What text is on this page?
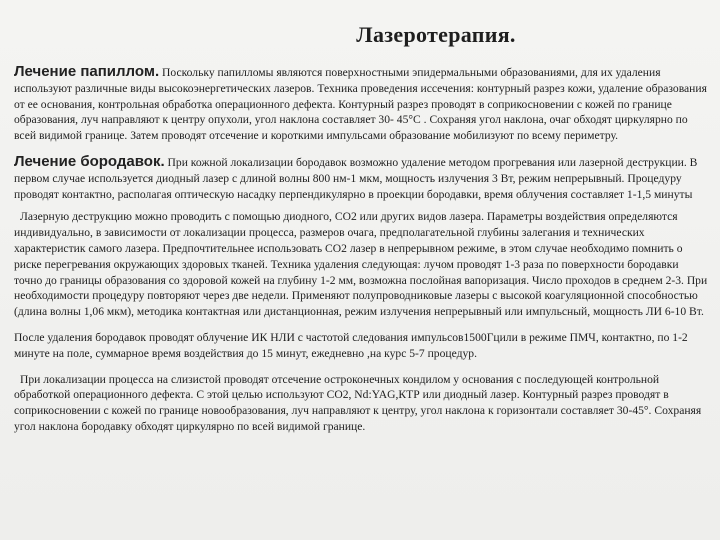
Лазеротерапия.

Лечение папиллом. Поскольку папилломы являются поверхностными эпидермальными образованиями, для их удаления используют различные виды высокоэнергетических лазеров. Техника проведения иссечения: контурный разрез кожи, удаление образования от ее основания, контрольная обработка операционного дефекта. Контурный разрез проводят в соприкосновении с кожей по границе образования, луч направляют к центру опухоли, угол наклона составляет 30- 45°С . Сохраняя угол наклона, очаг обходят циркулярно по всей видимой границе. Затем проводят отсечение и короткими импульсами образование мобилизуют по всему периметру.

Лечение бородавок. При кожной локализации бородавок возможно удаление методом прогревания или лазерной деструкции. В первом случае используется диодный лазер с длиной волны 800 нм-1 мкм, мощность излучения 3 Вт, режим непрерывный. Процедуру проводят контактно, располагая оптическую насадку перпендикулярно в проекции бородавки, время облучения составляет 1-1,5 минуты

Лазерную деструкцию можно проводить с помощью диодного, СО2 или других видов лазера. Параметры воздействия определяются индивидуально, в зависимости от локализации процесса, размеров очага, предполагательной глубины залегания и технических характеристик самого лазера. Предпочтительнее использовать СО2 лазер в непрерывном режиме, в этом случае необходимо помнить о риске перегревания окружающих здоровых тканей. Техника удаления следующая: лучом проводят 1-3 раза по поверхности бородавки точно до границы образования со здоровой кожей на глубину 1-2 мм, возможна послойная вапоризация. Число проходов в среднем 2-3. При необходимости процедуру повторяют через две недели. Применяют полупроводниковые лазеры с высокой коагуляционной способностью (длина волны 1,06 мкм), методика контактная или дистанционная, режим излучения непрерывный или импульсный, мощность ЛИ 6-10 Вт.

После удаления бородавок проводят облучение ИК НЛИ с частотой следования импульсов1500Гцили в режиме ПМЧ, контактно, по 1-2 минуте на поле, суммарное время воздействия до 15 минут, ежедневно ,на курс 5-7 процедур.

При локализации процесса на слизистой проводят отсечение остроконечных кондилом у основания с последующей контрольной обработкой операционного дефекта. С этой целью используют СО2, Nd:YAG,КТР или диодный лазер. Контурный разрез проводят в соприкосновении с кожей по границе новообразования, луч направляют к центру, угол наклона к горизонтали составляет 30-45°. Сохраняя угол наклона бородавку обходят циркулярно по всей видимой границе.
